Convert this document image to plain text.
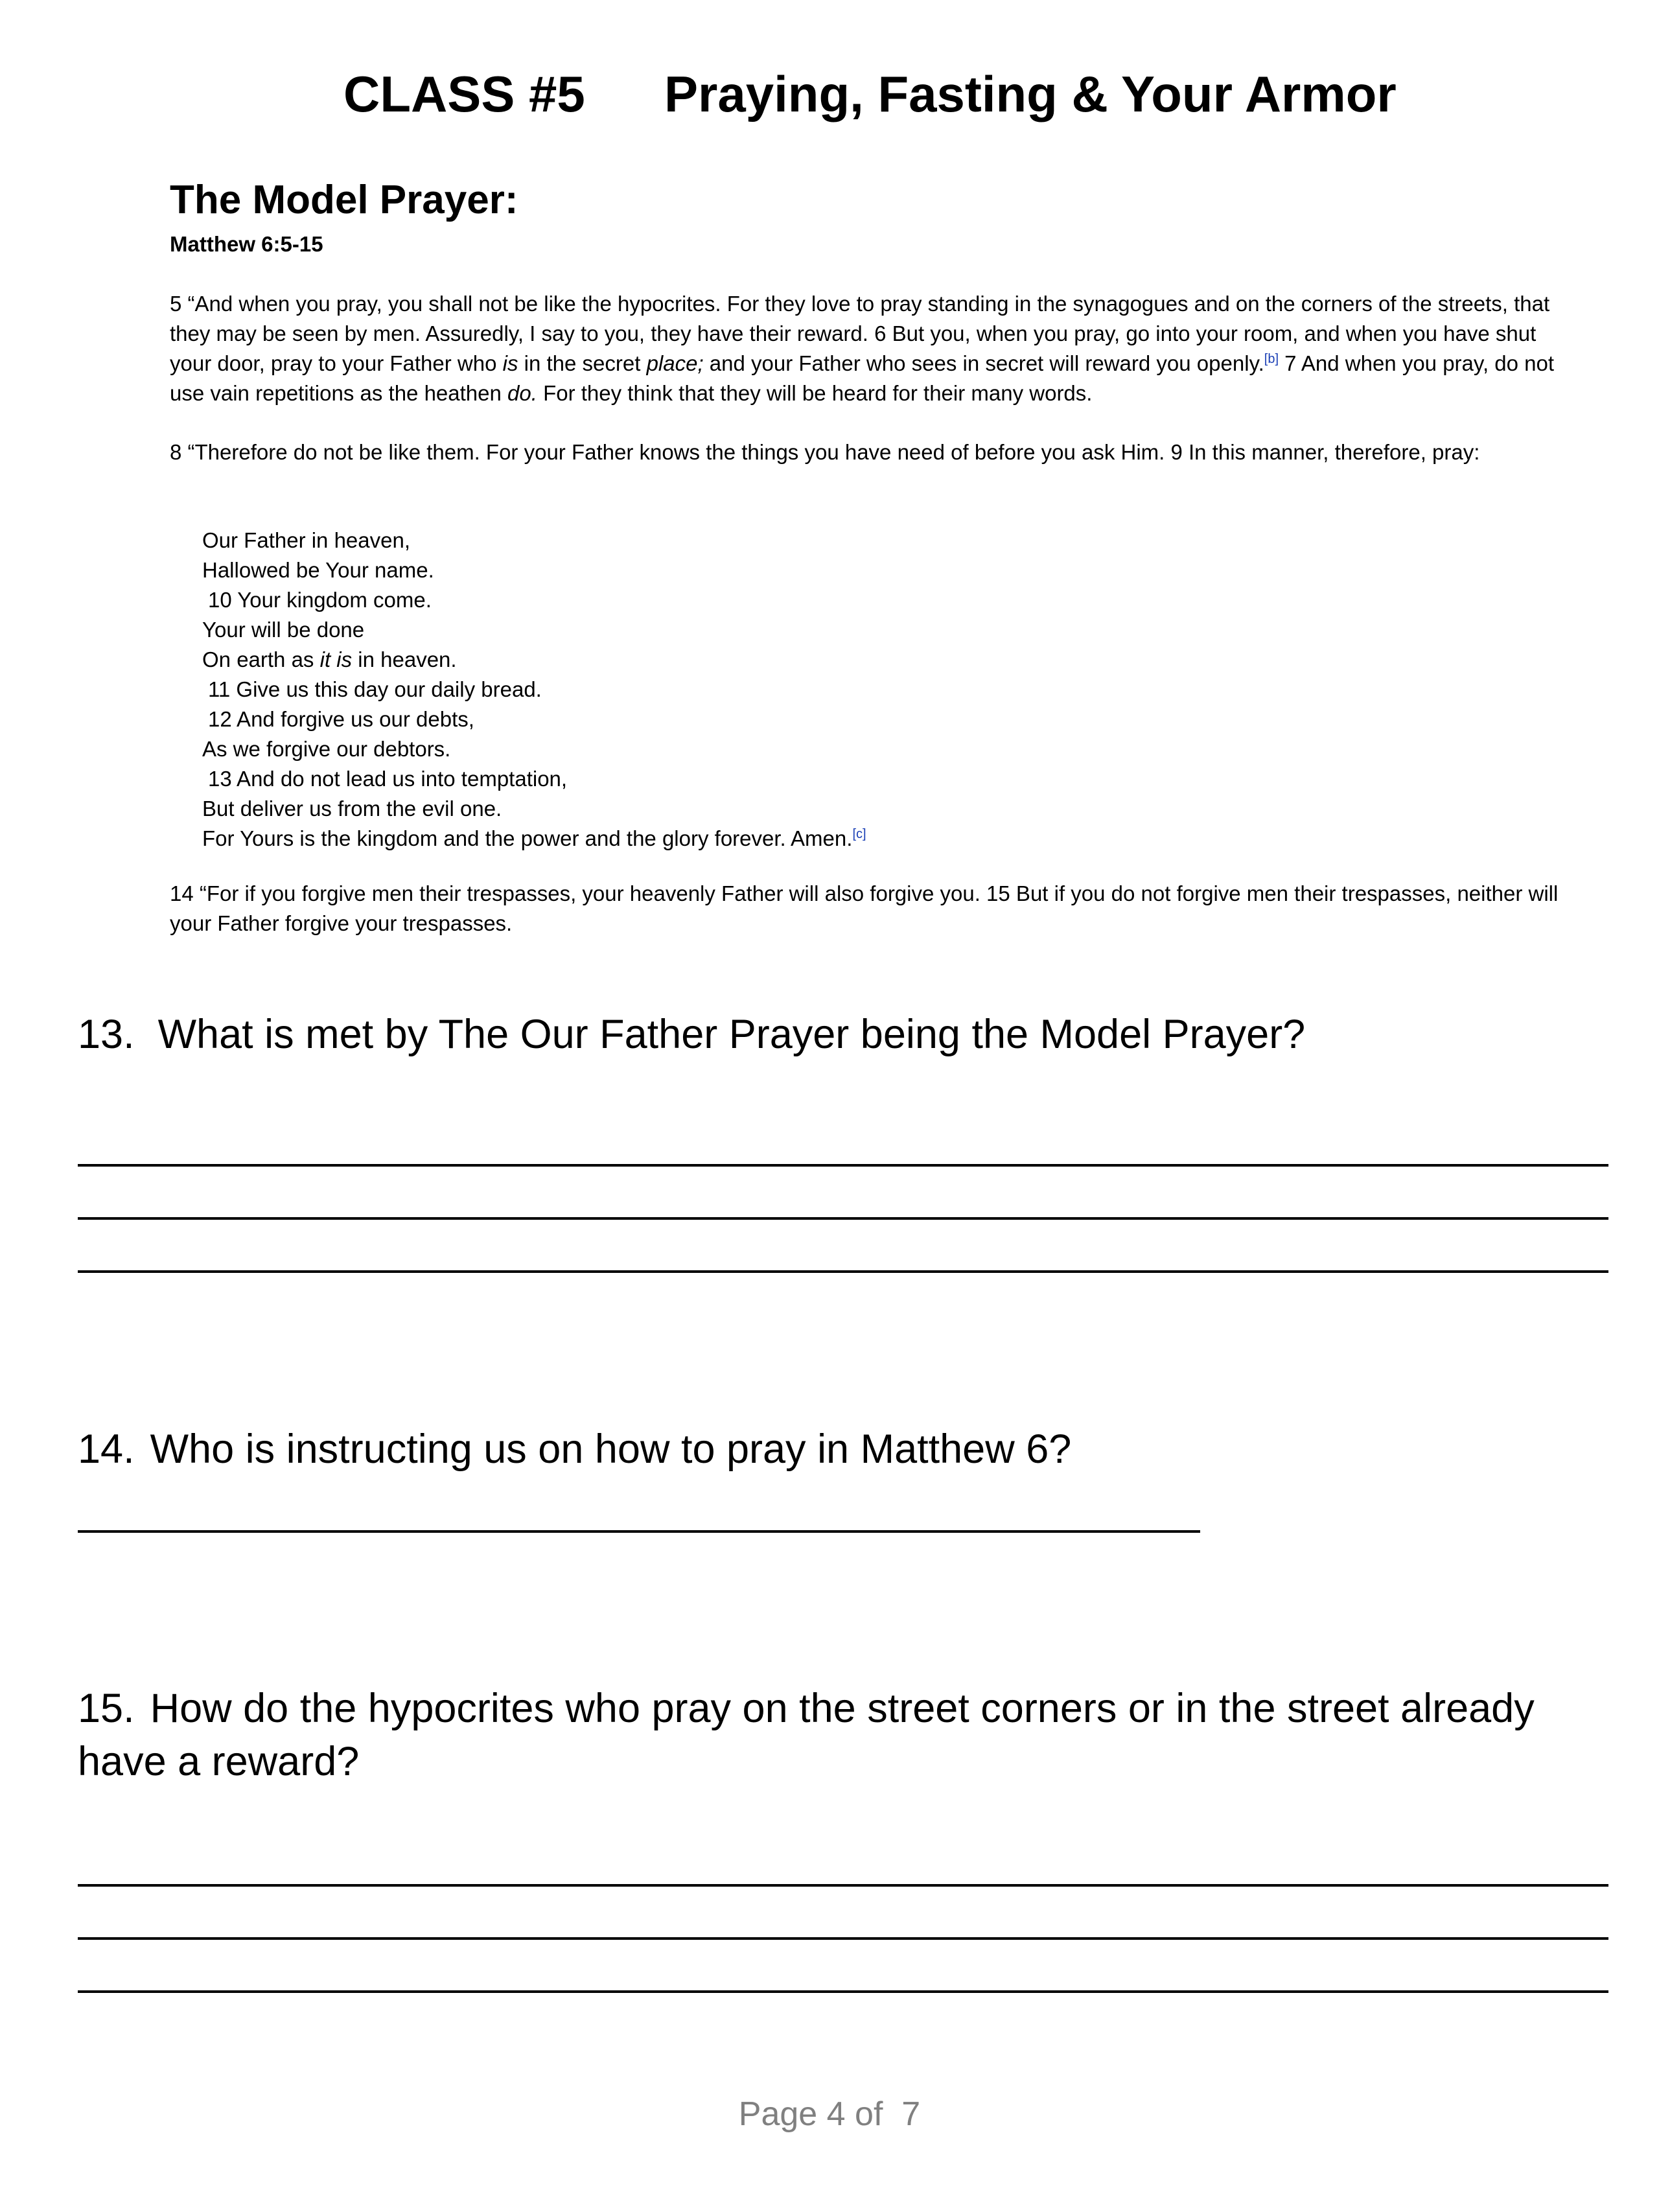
CLASS #5 Praying, Fasting & Your Armor
The Model Prayer:
Matthew 6:5-15

5 “And when you pray, you shall not be like the hypocrites. For they love to pray standing in the synagogues and on the corners of the streets, that they may be seen by men. Assuredly, I say to you, they have their reward. 6 But you, when you pray, go into your room, and when you have shut your door, pray to your Father who is in the secret place; and your Father who sees in secret will reward you openly.[b] 7 And when you pray, do not use vain repetitions as the heathen do. For they think that they will be heard for their many words.

8 “Therefore do not be like them. For your Father knows the things you have need of before you ask Him. 9 In this manner, therefore, pray:

Our Father in heaven,
Hallowed be Your name.
10 Your kingdom come.
Your will be done
On earth as it is in heaven.
11 Give us this day our daily bread.
12 And forgive us our debts,
As we forgive our debtors.
13 And do not lead us into temptation,
But deliver us from the evil one.
For Yours is the kingdom and the power and the glory forever. Amen.[c]

14 “For if you forgive men their trespasses, your heavenly Father will also forgive you. 15 But if you do not forgive men their trespasses, neither will your Father forgive your trespasses.

13. What is met by The Our Father Prayer being the Model Prayer?

14. Who is instructing us on how to pray in Matthew 6?

15. How do the hypocrites who pray on the street corners or in the street already have a reward?

Page 4 of  7
